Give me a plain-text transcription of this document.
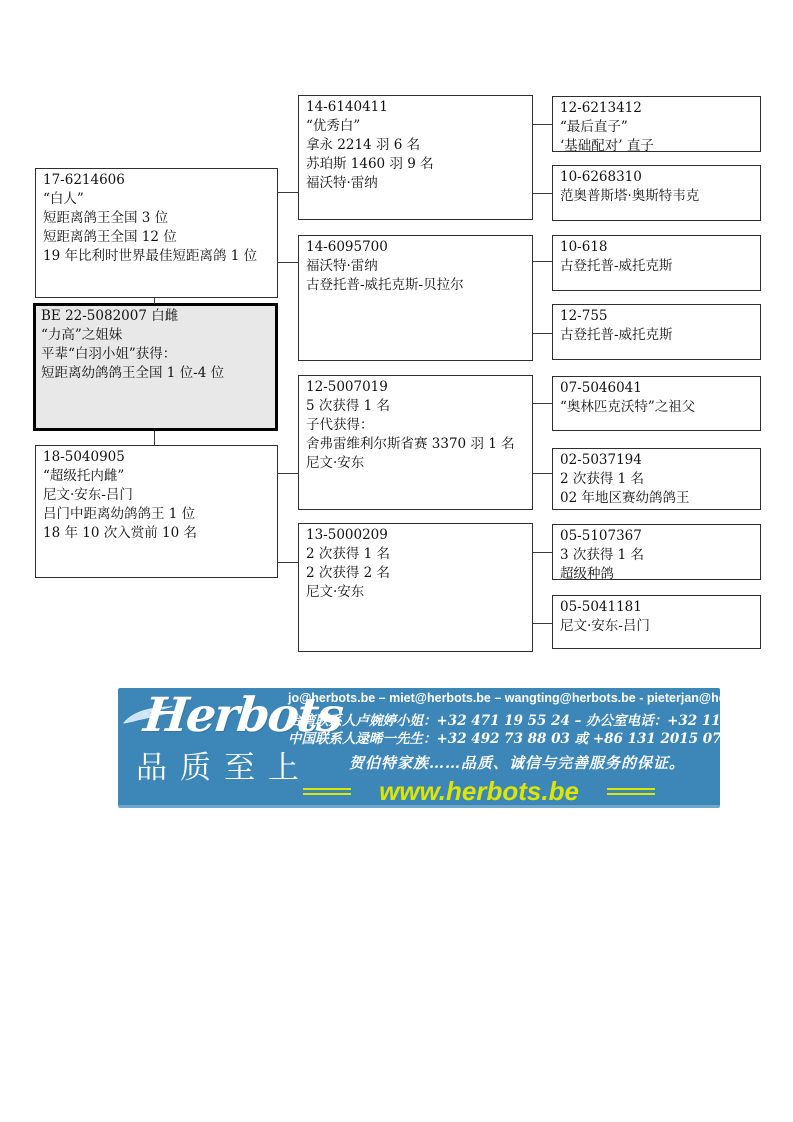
BE 22-5082007 白雌
“力高”之姐妹
平辈“白羽小姐”获得：
短距离幼鸽鸽王全国 1 位-4 位
17-6214606
“白人”
短距离鸽王全国 3 位
短距离鸽王全国 12 位
19 年比利时世界最佳短距离鸽 1 位
18-5040905
“超级托内雌”
尼文·安东-吕门
吕门中距离幼鸽鸽王 1 位
18 年 10 次入赏前 10 名
14-6140411
“优秀白”
拿永 2214 羽 6 名
苏珀斯 1460 羽 9 名
福沃特·雷纳
14-6095700
福沃特·雷纳
古登托普-威托克斯-贝拉尔
12-5007019
5 次获得 1 名
子代获得：
舍弗雷维利尔斯省赛 3370 羽 1 名
尼文·安东
13-5000209
2 次获得 1 名
2 次获得 2 名
尼文·安东
12-6213412
“最后直子”
‘基础配对’ 直子
10-6268310
范奥普斯塔·奥斯特韦克
10-618
古登托普-威托克斯
12-755
古登托普-威托克斯
07-5046041
“奥林匹克沃特”之祖父
02-5037194
2 次获得 1 名
02 年地区赛幼鸽鸽王
05-5107367
3 次获得 1 名
超级种鸽
05-5041181
尼文·安东-吕门
Herbots
jo@herbots.be – miet@herbots.be – wangting@herbots.be - pieterjan@herbots.be
台湾联系人卢婉婷小姐：+32 471 19 55 24 – 办公室电话：+32 11 78 91 90
中国联系人逯晞一先生：+32 492 73 88 03 或 +86 131 2015 0755
品质至上	贺伯特家族……品质、诚信与完善服务的保证。
www.herbots.be
